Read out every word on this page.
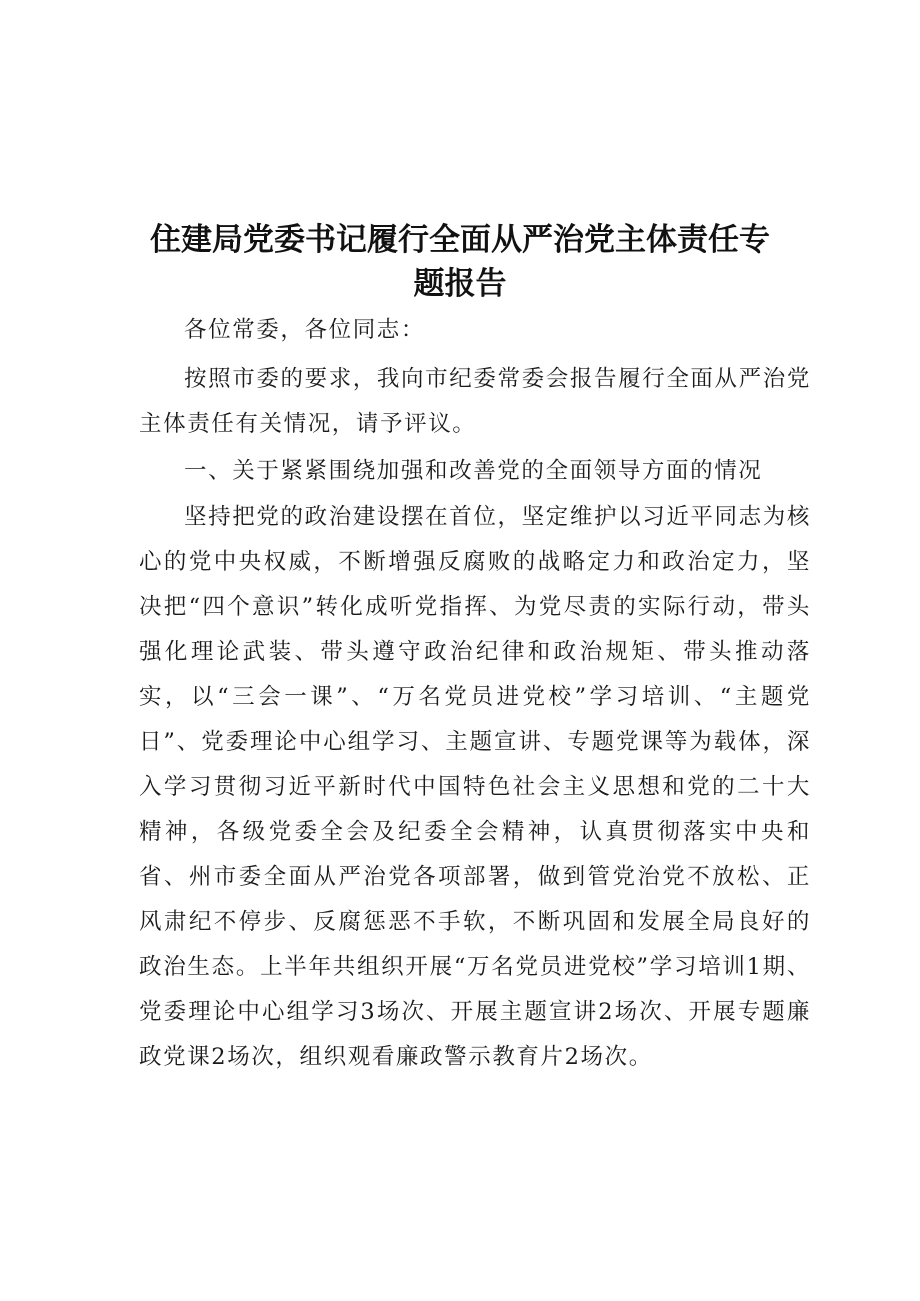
住建局党委书记履行全面从严治党主体责任专题报告

各位常委，各位同志：

按照市委的要求，我向市纪委常委会报告履行全面从严治党主体责任有关情况，请予评议。

一、关于紧紧围绕加强和改善党的全面领导方面的情况

坚持把党的政治建设摆在首位，坚定维护以习近平同志为核心的党中央权威，不断增强反腐败的战略定力和政治定力，坚决把“四个意识”转化成听党指挥、为党尽责的实际行动，带头强化理论武装、带头遵守政治纪律和政治规矩、带头推动落实，以“三会一课”、“万名党员进党校”学习培训、“主题党日”、党委理论中心组学习、主题宣讲、专题党课等为载体，深入学习贯彻习近平新时代中国特色社会主义思想和党的二十大精神，各级党委全会及纪委全会精神，认真贯彻落实中央和省、州市委全面从严治党各项部署，做到管党治党不放松、正风肃纪不停步、反腐惩恶不手软，不断巩固和发展全局良好的政治生态。上半年共组织开展“万名党员进党校”学习培训1期、党委理论中心组学习3场次、开展主题宣讲2场次、开展专题廉政党课2场次，组织观看廉政警示教育片2场次。
